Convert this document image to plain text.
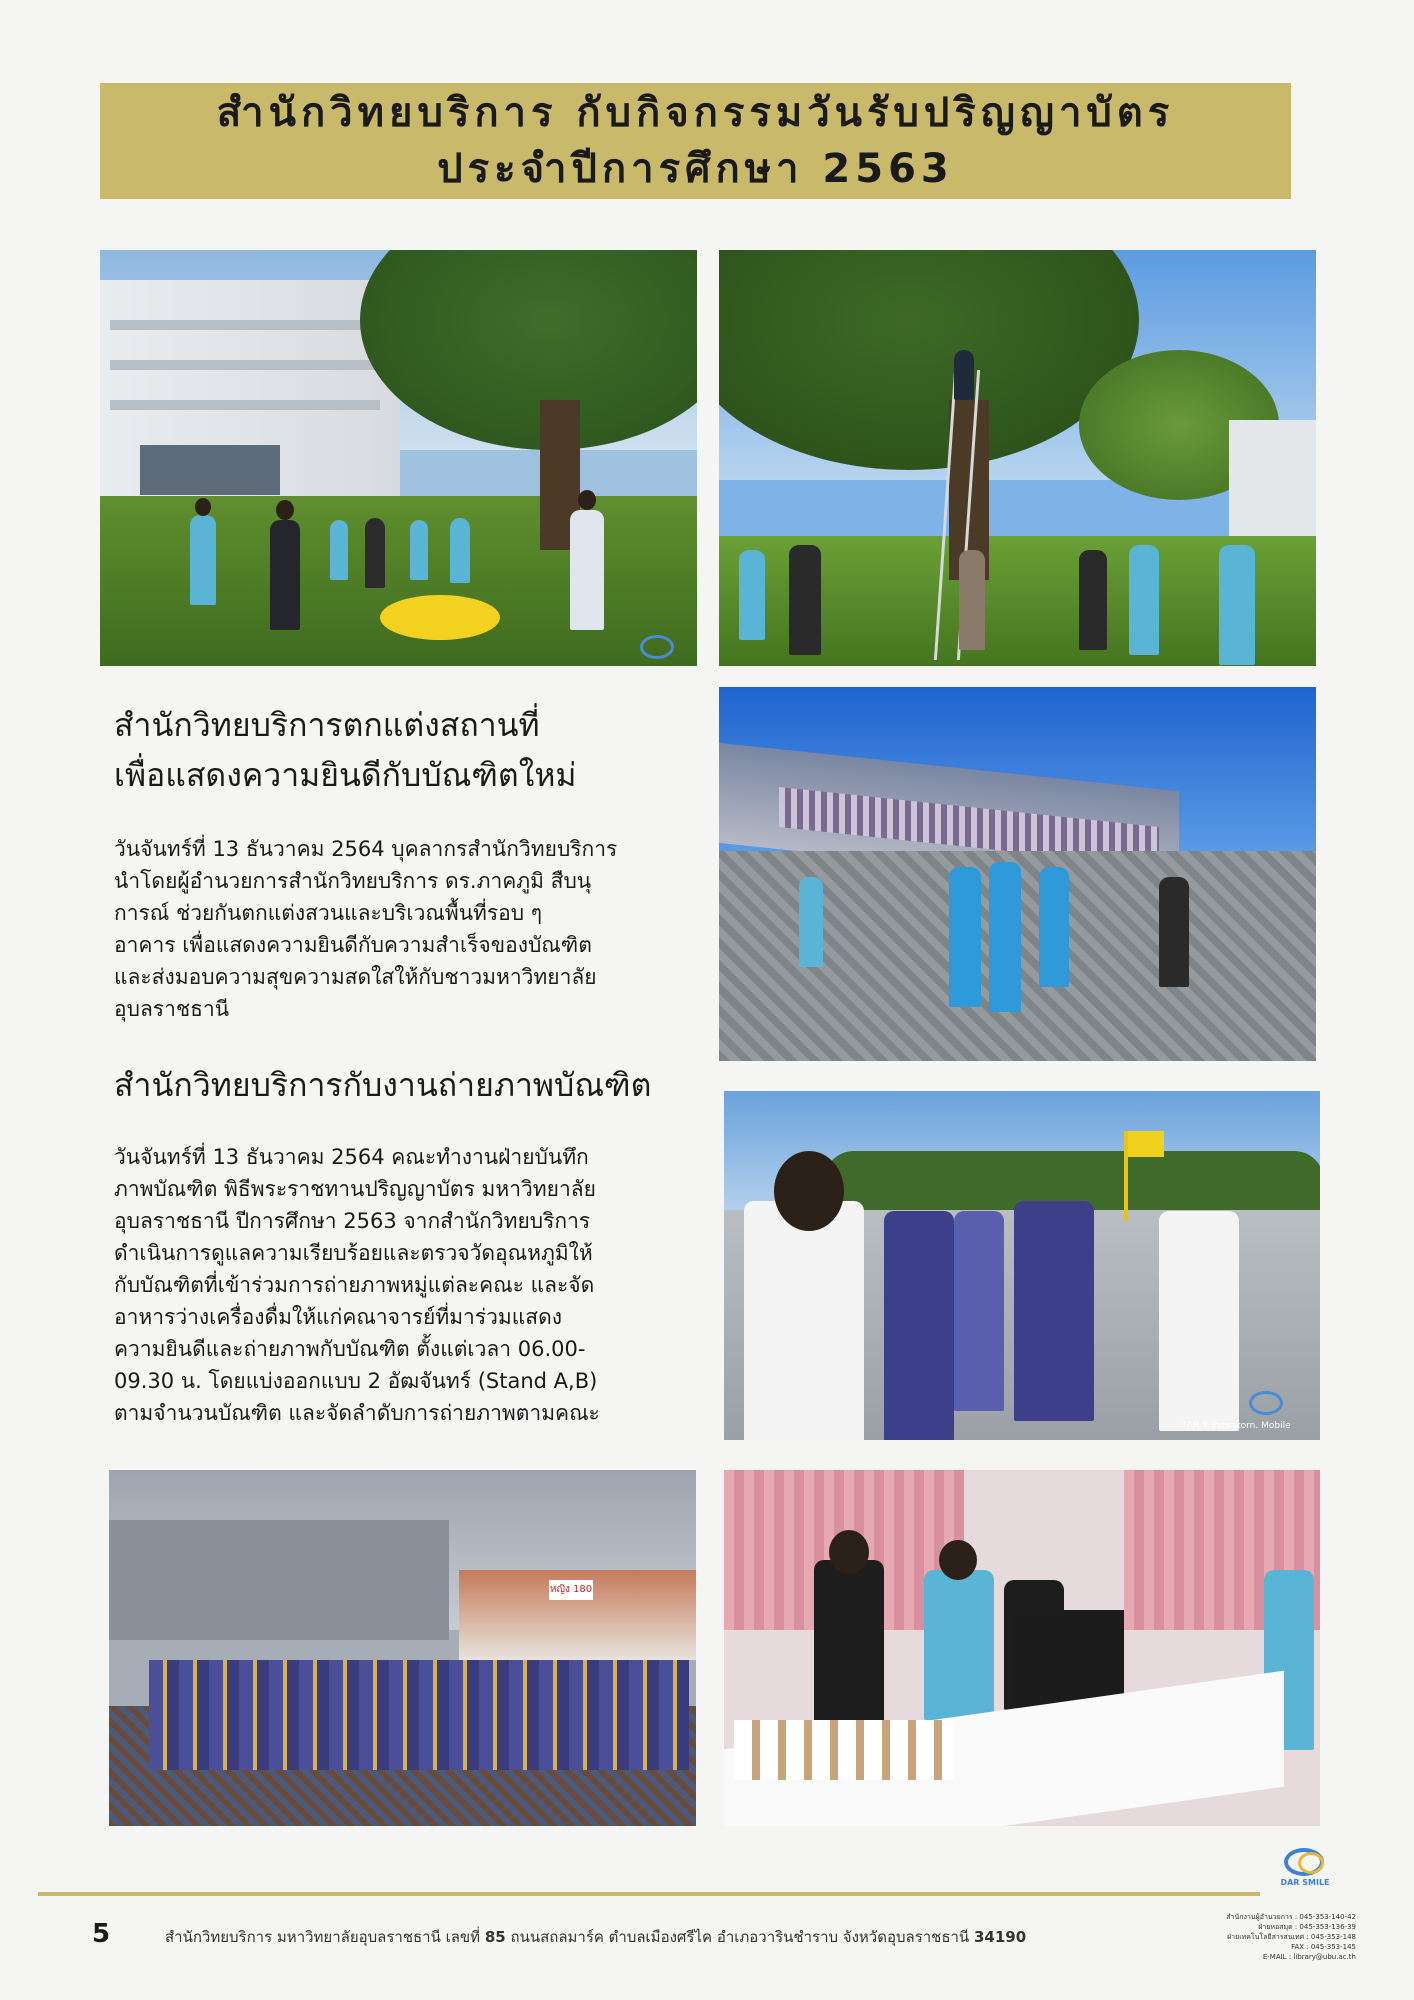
สำนักวิทยบริการ กับกิจกรรมวันรับปริญญาบัตร
ประจำปีการศึกษา 2563
สำนักวิทยบริการตกแต่งสถานที่
เพื่อแสดงความยินดีกับบัณฑิตใหม่
วันจันทร์ที่ 13 ธันวาคม 2564 บุคลากรสำนักวิทยบริการ
นำโดยผู้อำนวยการสำนักวิทยบริการ ดร.ภาคภูมิ สืบนุ
การณ์ ช่วยกันตกแต่งสวนและบริเวณพื้นที่รอบ ๆ
อาคาร เพื่อแสดงความยินดีกับความสำเร็จของบัณฑิต
และส่งมอบความสุขความสดใสให้กับชาวมหาวิทยาลัย
อุบลราชธานี
สำนักวิทยบริการกับงานถ่ายภาพบัณฑิต
วันจันทร์ที่ 13 ธันวาคม 2564 คณะทำงานฝ่ายบันทึก
ภาพบัณฑิต พิธีพระราชทานปริญญาบัตร มหาวิทยาลัย
อุบลราชธานี ปีการศึกษา 2563 จากสำนักวิทยบริการ
ดำเนินการดูแลความเรียบร้อยและตรวจวัดอุณหภูมิให้
กับบัณฑิตที่เข้าร่วมการถ่ายภาพหมู่แต่ละคณะ และจัด
อาหารว่างเครื่องดื่มให้แก่คณาจารย์ที่มาร่วมแสดง
ความยินดีและถ่ายภาพกับบัณฑิต ตั้งแต่เวลา 06.00-
09.30 น. โดยแบ่งออกแบบ 2 อัฒจันทร์ (Stand A,B)
ตามจำนวนบัณฑิต และจัดลำดับการถ่ายภาพตามคณะ
TAR Y. Patsakorn. Mobile
หญิง 180
DAR SMILE
5	สำนักวิทยบริการ มหาวิทยาลัยอุบลราชธานี เลขที่ 85 ถนนสถลมาร์ค ตำบลเมืองศรีไค อำเภอวารินชำราบ จังหวัดอุบลราชธานี 34190
สำนักงานผู้อำนวยการ : 045-353-140-42
ฝ่ายหอสมุด : 045-353-136-39
ฝ่ายเทคโนโลยีสารสนเทศ : 045-353-148
FAX : 045-353-145
E-MAIL : library@ubu.ac.th
